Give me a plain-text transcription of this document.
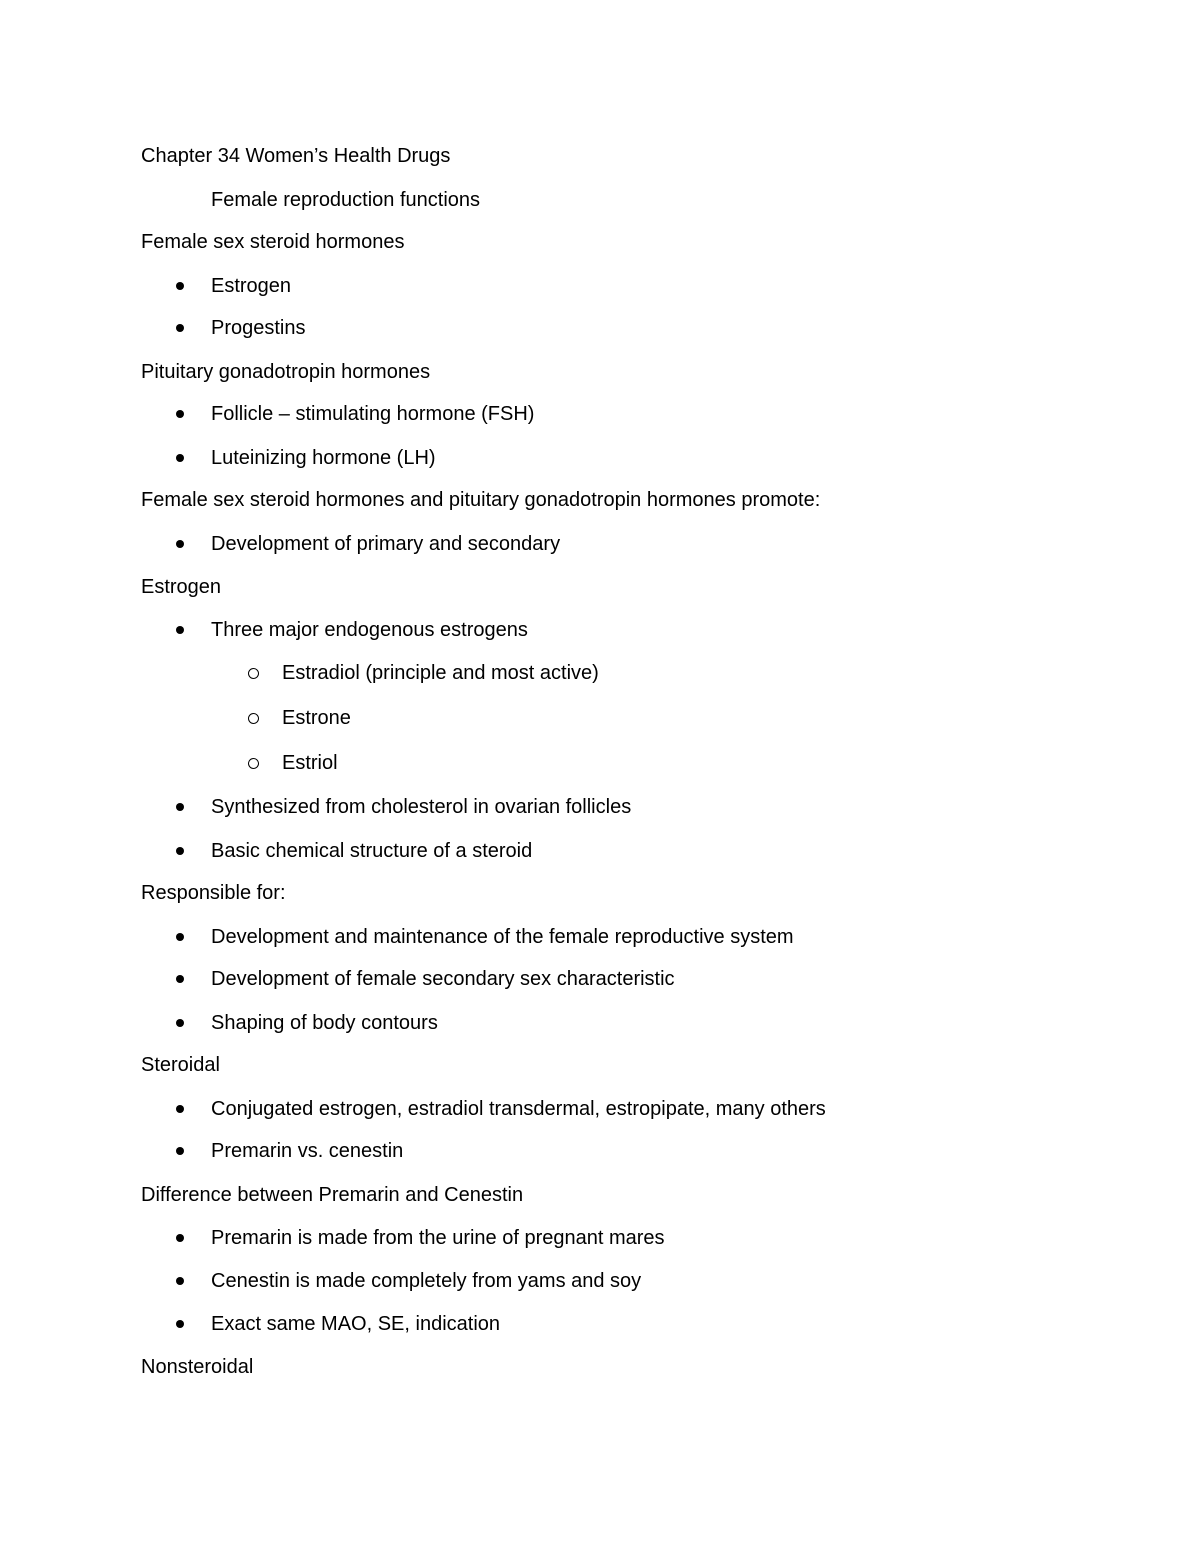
Chapter 34 Women’s Health Drugs
Female reproduction functions
Female sex steroid hormones
Estrogen
Progestins
Pituitary gonadotropin hormones
Follicle – stimulating hormone (FSH)
Luteinizing hormone (LH)
Female sex steroid hormones and pituitary gonadotropin hormones promote:
Development of primary and secondary
Estrogen
Three major endogenous estrogens
Estradiol (principle and most active)
Estrone
Estriol
Synthesized from cholesterol in ovarian follicles
Basic chemical structure of a steroid
Responsible for:
Development and maintenance of the female reproductive system
Development of female secondary sex characteristic
Shaping of body contours
Steroidal
Conjugated estrogen, estradiol transdermal, estropipate, many others
Premarin vs. cenestin
Difference between Premarin and Cenestin
Premarin is made from the urine of pregnant mares
Cenestin is made completely from yams and soy
Exact same MAO, SE, indication
Nonsteroidal
